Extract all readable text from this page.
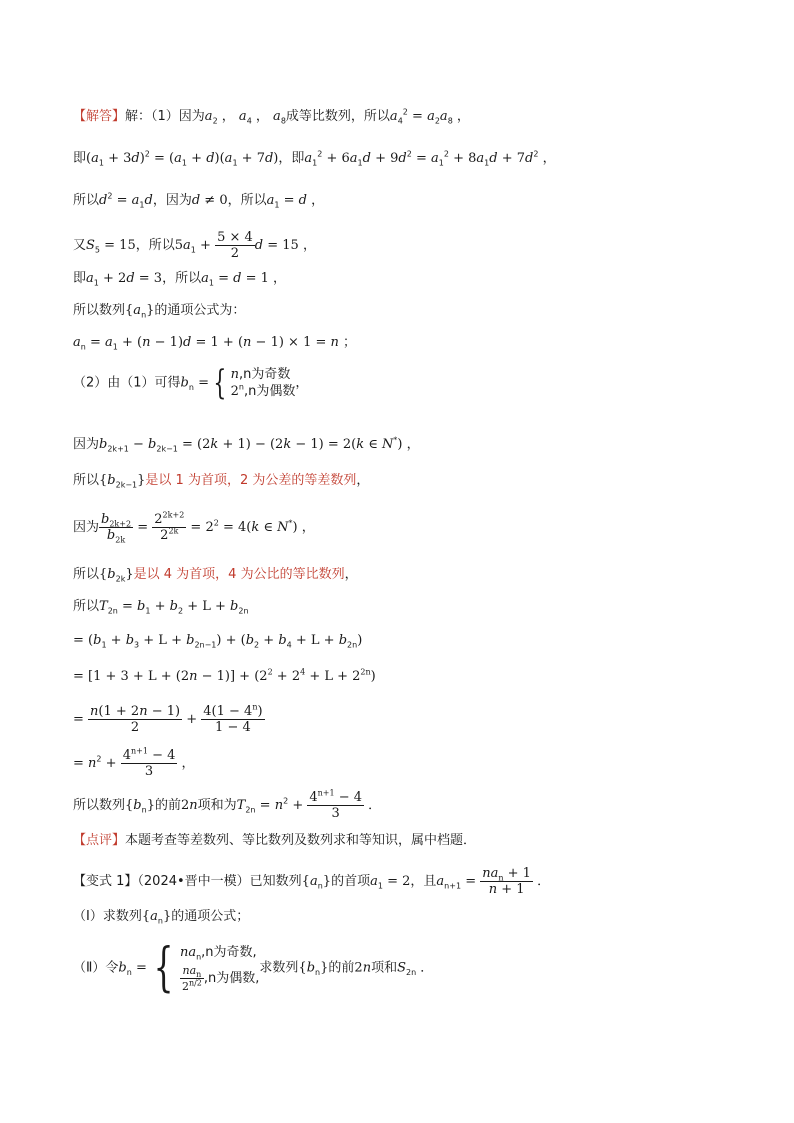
【解答】解：（1）因为$a_2$ ， $a_4$ ， $a_8$成等比数列，所以$a_4^2 = a_2a_8$ ，
即$(a_1 + 3d)^2 = (a_1 + d)(a_1 + 7d)$，即$a_1^2 + 6a_1d + 9d^2 = a_1^2 + 8a_1d + 7d^2$ ，
所以$d^2 = a_1d$，因为d ≠ 0，所以$a_1 = d$ ，
又$S_5 = 15$，所以$5a_1 + \frac{5 \times 4}{2}$ d = 15 ，
即$a_1 + 2d = 3$，所以$a_1 = d = 1$ ，
所以数列$\{a_n\}$的通项公式为：
$a_n = a_1 + (n - 1)d = 1 + (n - 1) \times 1 = n$ ；
（2）由（1）可得$b_n$ = { n,n为奇数
2$^n$,n为偶数
，
因为$b_{2k+1} - b_{2k-1} = (2k + 1) - (2k - 1) = 2(k$ ∈ N*) ，
所以$\{b_{2k-1}\}$是以 1 为首项，2 为公差的等差数列，
因为 $\frac{b_{2k+2}}{b_{2k}} = \frac{2^{2k+2}}{2^{2k}} = 2^2 = 4(k$ ∈ N*) ，
所以$\{b_{2k}\}$是以 4 为首项，4 为公比的等比数列，
所以$T_{2n} = b_1 + b_2 + L + b_{2n}$
= $(b_1 + b_3 + L + b_{2n-1}) + (b_2 + b_4 + L + b_{2n})$
= $[1 + 3 + L + (2n - 1)] + (2^2 + 2^4 + L + 2^{2n})$
= $\frac{n(1 + 2n - 1)}{2} + \frac{4(1 - 4^n)}{1 - 4}$
= $n^2 + \frac{4^{n+1} - 4}{3}$ ，
所以数列$\{b_n\}$的前2n项和为$T_{2n} = n^2 + \frac{4^{n+1} - 4}{3}$ ．
【点评】本题考查等差数列、等比数列及数列求和等知识，属中档题．
【变式 1】（2024•晋中一模）已知数列$\{a_n\}$的首项$a_1 = 2$，且$a_{n+1} = \frac{na_n + 1}{n + 1}$ ．
（Ⅰ）求数列$\{a_n\}$的通项公式；
（Ⅱ）令$b_n$ = { $na_n,n$为奇数,
$\frac{na_n}{2^{n/2}} ,n$为偶数,
求数列$\{b_n\}$的前2n项和$S_{2n}$ ．
